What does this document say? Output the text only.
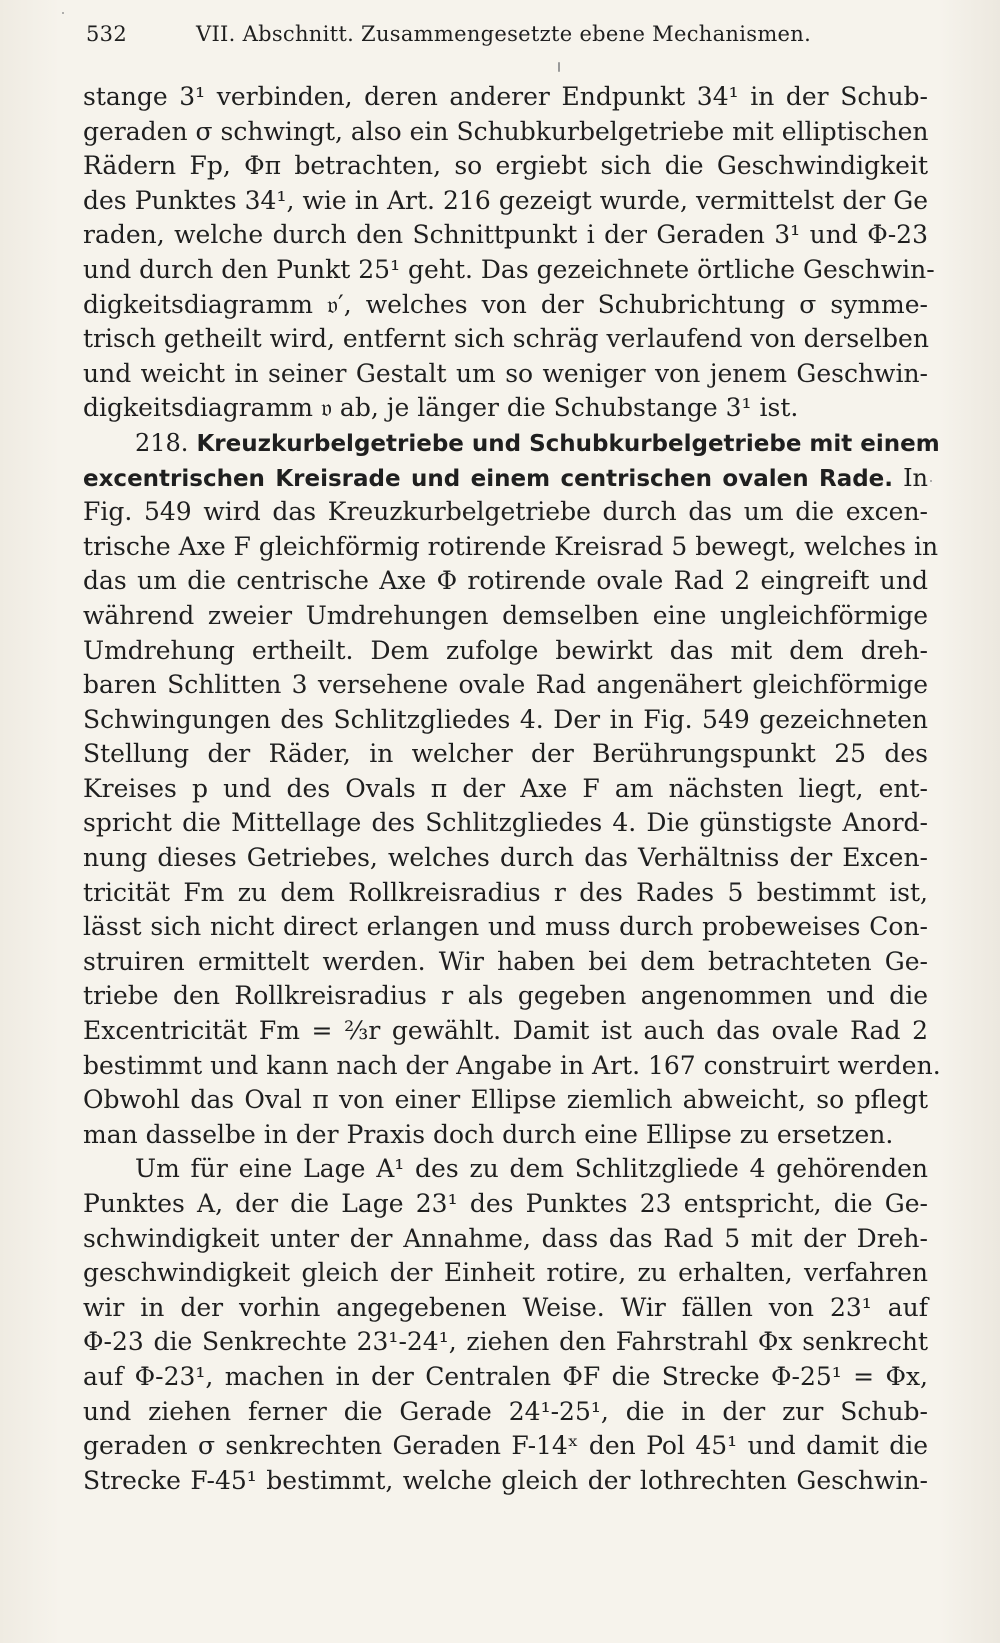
532	VII. Abschnitt. Zusammengesetzte ebene Mechanismen.
stange 3¹ verbinden, deren anderer Endpunkt 34¹ in der Schub-
geraden σ schwingt, also ein Schubkurbelgetriebe mit elliptischen
Rädern Fp, Φπ betrachten, so ergiebt sich die Geschwindigkeit
des Punktes 34¹, wie in Art. 216 gezeigt wurde, vermittelst der Ge
raden, welche durch den Schnittpunkt i der Geraden 3¹ und Φ-23
und durch den Punkt 25¹ geht. Das gezeichnete örtliche Geschwin-
digkeitsdiagramm 𝔳′, welches von der Schubrichtung σ symme-
trisch getheilt wird, entfernt sich schräg verlaufend von derselben
und weicht in seiner Gestalt um so weniger von jenem Geschwin-
digkeitsdiagramm 𝔳 ab, je länger die Schubstange 3¹ ist.
218. Kreuzkurbelgetriebe und Schubkurbelgetriebe mit einem
excentrischen Kreisrade und einem centrischen ovalen Rade. In
Fig. 549 wird das Kreuzkurbelgetriebe durch das um die excen-
trische Axe F gleichförmig rotirende Kreisrad 5 bewegt, welches in
das um die centrische Axe Φ rotirende ovale Rad 2 eingreift und
während zweier Umdrehungen demselben eine ungleichförmige
Umdrehung ertheilt. Dem zufolge bewirkt das mit dem dreh-
baren Schlitten 3 versehene ovale Rad angenähert gleichförmige
Schwingungen des Schlitzgliedes 4. Der in Fig. 549 gezeichneten
Stellung der Räder, in welcher der Berührungspunkt 25 des
Kreises p und des Ovals π der Axe F am nächsten liegt, ent-
spricht die Mittellage des Schlitzgliedes 4. Die günstigste Anord-
nung dieses Getriebes, welches durch das Verhältniss der Excen-
tricität Fm zu dem Rollkreisradius r des Rades 5 bestimmt ist,
lässt sich nicht direct erlangen und muss durch probeweises Con-
struiren ermittelt werden. Wir haben bei dem betrachteten Ge-
triebe den Rollkreisradius r als gegeben angenommen und die
Excentricität Fm = ⅔r gewählt. Damit ist auch das ovale Rad 2
bestimmt und kann nach der Angabe in Art. 167 construirt werden.
Obwohl das Oval π von einer Ellipse ziemlich abweicht, so pflegt
man dasselbe in der Praxis doch durch eine Ellipse zu ersetzen.
Um für eine Lage A¹ des zu dem Schlitzgliede 4 gehörenden
Punktes A, der die Lage 23¹ des Punktes 23 entspricht, die Ge-
schwindigkeit unter der Annahme, dass das Rad 5 mit der Dreh-
geschwindigkeit gleich der Einheit rotire, zu erhalten, verfahren
wir in der vorhin angegebenen Weise. Wir fällen von 23¹ auf
Φ-23 die Senkrechte 23¹-24¹, ziehen den Fahrstrahl Φx senkrecht
auf Φ-23¹, machen in der Centralen ΦF die Strecke Φ-25¹ = Φx,
und ziehen ferner die Gerade 24¹-25¹, die in der zur Schub-
geraden σ senkrechten Geraden F-14ˣ den Pol 45¹ und damit die
Strecke F-45¹ bestimmt, welche gleich der lothrechten Geschwin-
